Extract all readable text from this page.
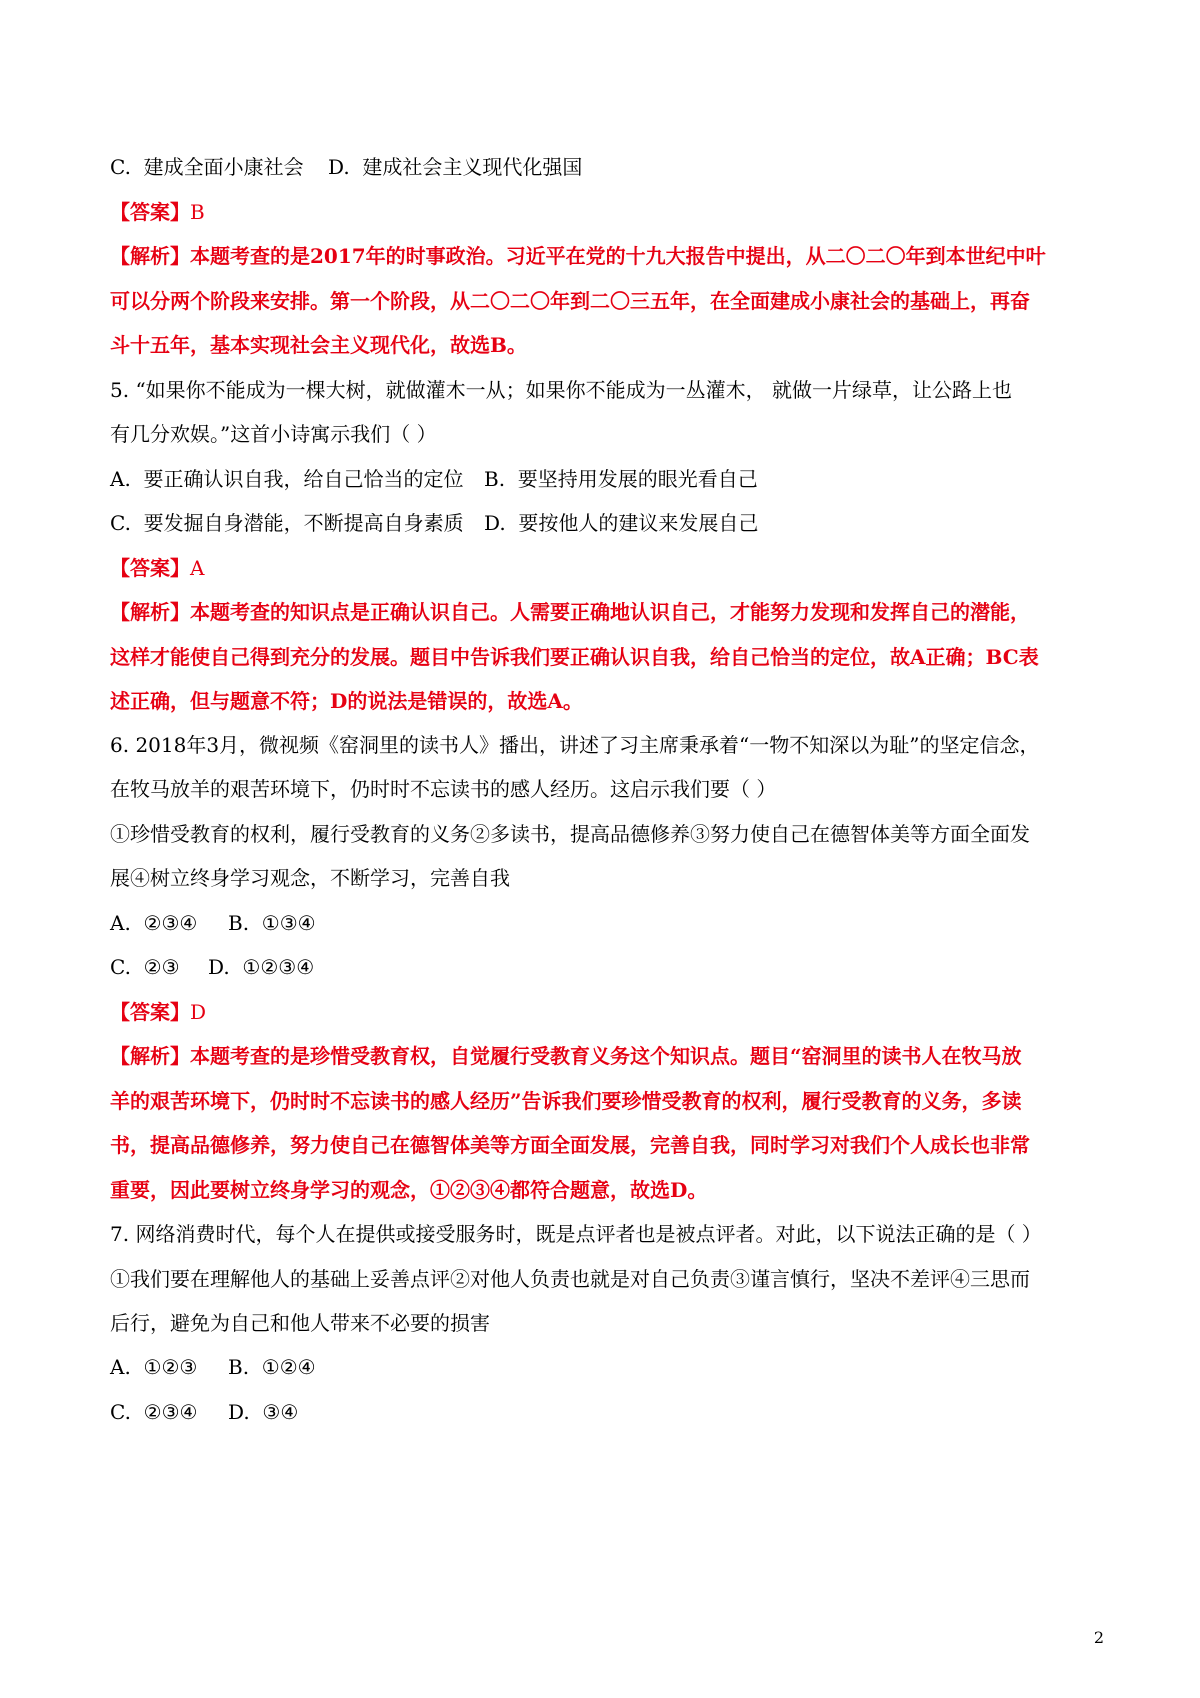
C. 建成全面小康社会 D. 建成社会主义现代化强国
【答案】B
【解析】本题考查的是2017年的时事政治。习近平在党的十九大报告中提出，从二〇二〇年到本世纪中叶
可以分两个阶段来安排。第一个阶段，从二〇二〇年到二〇三五年，在全面建成小康社会的基础上，再奋
斗十五年，基本实现社会主义现代化，故选B。
5. “如果你不能成为一棵大树，就做灌木一从；如果你不能成为一丛灌木， 就做一片绿草，让公路上也
有几分欢娱。”这首小诗寓示我们（ ）
A. 要正确认识自我，给自己恰当的定位 B. 要坚持用发展的眼光看自己
C. 要发掘自身潜能，不断提高自身素质 D. 要按他人的建议来发展自己
【答案】A
【解析】本题考查的知识点是正确认识自己。人需要正确地认识自己，才能努力发现和发挥自己的潜能，
这样才能使自己得到充分的发展。题目中告诉我们要正确认识自我，给自己恰当的定位，故A正确；BC表
述正确，但与题意不符；D的说法是错误的，故选A。
6. 2018年3月，微视频《窑洞里的读书人》播出，讲述了习主席秉承着“一物不知深以为耻”的坚定信念，
在牧马放羊的艰苦环境下，仍时时不忘读书的感人经历。这启示我们要（ ）
①珍惜受教育的权利，履行受教育的义务②多读书，提高品德修养③努力使自己在德智体美等方面全面发
展④树立终身学习观念，不断学习，完善自我
A. ②③④ B. ①③④
C. ②③ D. ①②③④
【答案】D
【解析】本题考查的是珍惜受教育权，自觉履行受教育义务这个知识点。题目“窑洞里的读书人在牧马放
羊的艰苦环境下，仍时时不忘读书的感人经历”告诉我们要珍惜受教育的权利，履行受教育的义务，多读
书，提高品德修养，努力使自己在德智体美等方面全面发展，完善自我，同时学习对我们个人成长也非常
重要，因此要树立终身学习的观念，①②③④都符合题意，故选D。
7. 网络消费时代，每个人在提供或接受服务时，既是点评者也是被点评者。对此，以下说法正确的是（ ）
①我们要在理解他人的基础上妥善点评②对他人负责也就是对自己负责③谨言慎行，坚决不差评④三思而
后行，避免为自己和他人带来不必要的损害
A. ①②③ B. ①②④
C. ②③④ D. ③④
2
